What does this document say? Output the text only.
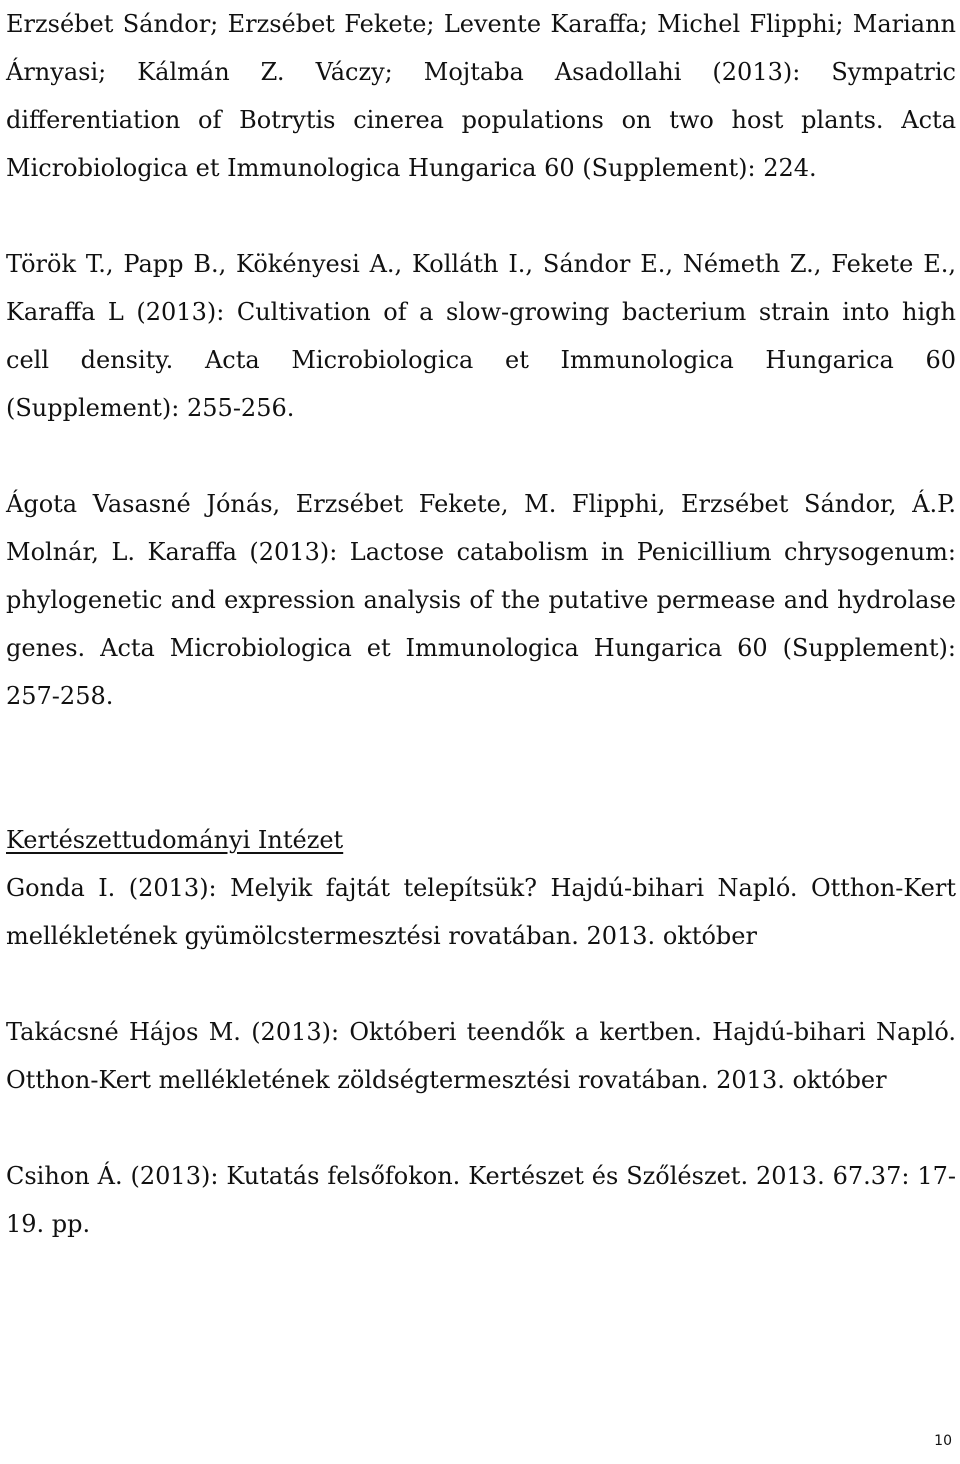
Erzsébet Sándor; Erzsébet Fekete; Levente Karaffa; Michel Flipphi; Mariann Árnyasi; Kálmán Z. Váczy; Mojtaba Asadollahi (2013): Sympatric differentiation of Botrytis cinerea populations on two host plants. Acta Microbiologica et Immunologica Hungarica 60 (Supplement): 224.

Török T., Papp B., Kökényesi A., Kolláth I., Sándor E., Németh Z., Fekete E., Karaffa L (2013): Cultivation of a slow-growing bacterium strain into high cell density. Acta Microbiologica et Immunologica Hungarica 60 (Supplement): 255-256.

Ágota Vasasné Jónás, Erzsébet Fekete, M. Flipphi, Erzsébet Sándor, Á.P. Molnár, L. Karaffa (2013): Lactose catabolism in Penicillium chrysogenum: phylogenetic and expression analysis of the putative permease and hydrolase genes. Acta Microbiologica et Immunologica Hungarica 60 (Supplement): 257-258.

Kertészettudományi Intézet

Gonda I. (2013): Melyik fajtát telepítsük? Hajdú-bihari Napló. Otthon-Kert mellékletének gyümölcstermesztési rovatában. 2013. október

Takácsné Hájos M. (2013): Októberi teendők a kertben. Hajdú-bihari Napló. Otthon-Kert mellékletének zöldségtermesztési rovatában. 2013. október

Csihon Á. (2013): Kutatás felsőfokon. Kertészet és Szőlészet. 2013. 67.37: 17-19. pp.

10
